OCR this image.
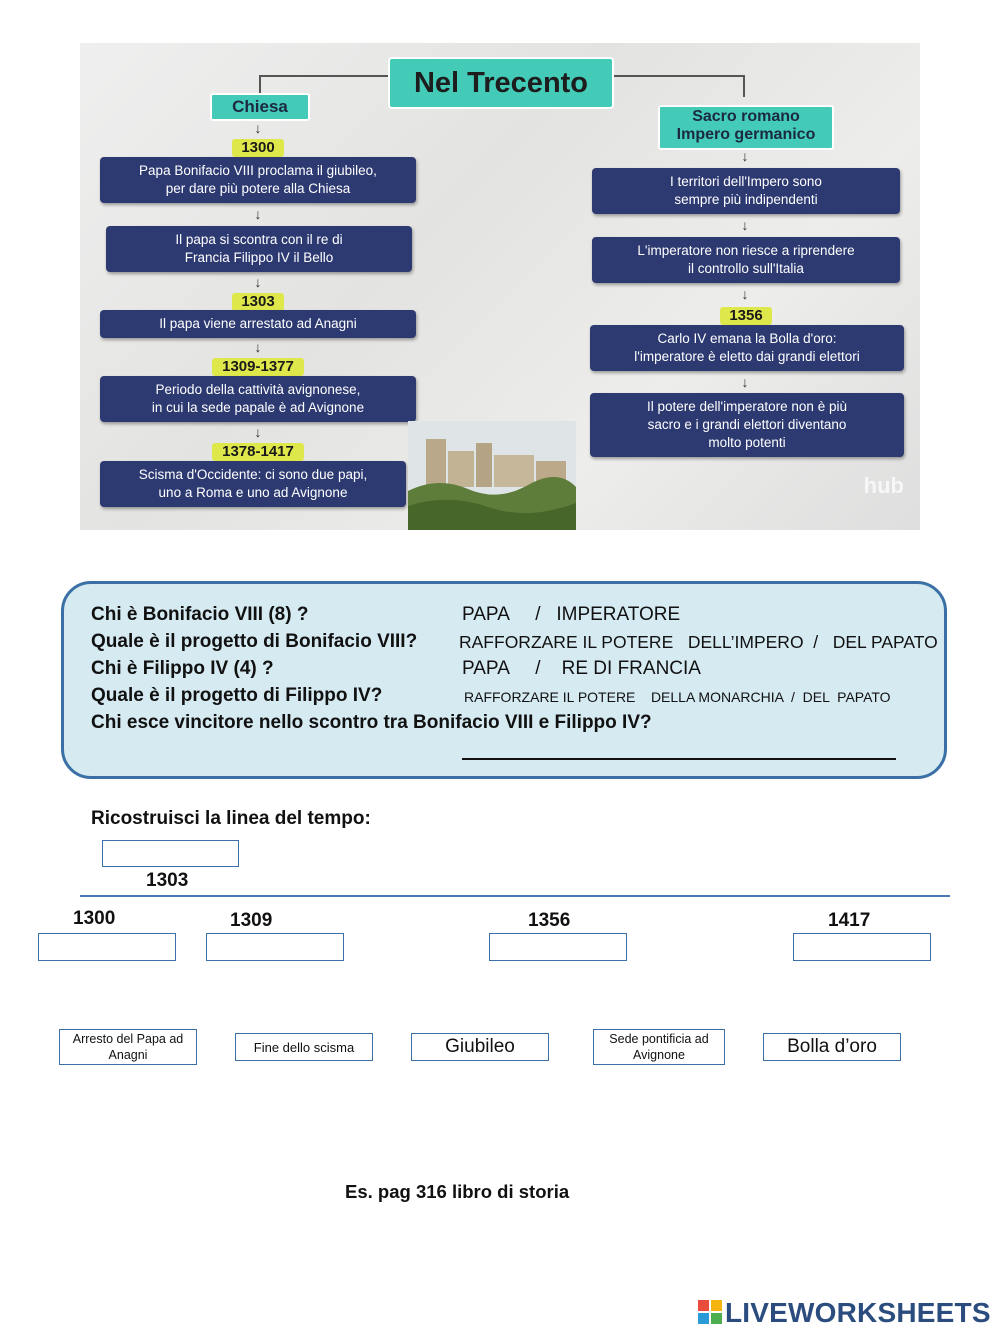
Nel Trecento
Chiesa
↓
1300
Papa Bonifacio VIII proclama il giubileo,
per dare più potere alla Chiesa
↓
Il papa si scontra con il re di
Francia Filippo IV il Bello
↓
1303
Il papa viene arrestato ad Anagni
↓
1309-1377
Periodo della cattività avignonese,
in cui la sede papale è ad Avignone
↓
1378-1417
Scisma d'Occidente: ci sono due papi,
uno a Roma e uno ad Avignone
Sacro romano
Impero germanico
↓
I territori dell'Impero sono
sempre più indipendenti
↓
L'imperatore non riesce a riprendere
il controllo sull'Italia
↓
1356
Carlo IV emana la Bolla d'oro:
l'imperatore è eletto dai grandi elettori
↓
Il potere dell'imperatore non è più
sacro e i grandi elettori diventano
molto potenti
hub
Chi è Bonifacio VIII (8) ?	PAPA     /   IMPERATORE
Quale è il progetto di Bonifacio VIII? RAFFORZARE IL POTERE   DELL’IMPERO  /   DEL PAPATO
Chi è Filippo IV (4) ?	PAPA     /    RE DI FRANCIA
Quale è il progetto di Filippo IV?	RAFFORZARE IL POTERE    DELLA MONARCHIA  /  DEL  PAPATO
Chi esce vincitore nello scontro tra Bonifacio VIII e Filippo IV?
Ricostruisci la linea del tempo:
1303
1300	1309	1356	1417
Arresto del Papa ad Anagni
Fine dello scisma	Giubileo	Sede pontificia ad Avignone	Bolla d’oro
Es. pag 316 libro di storia
LIVEWORKSHEETS
